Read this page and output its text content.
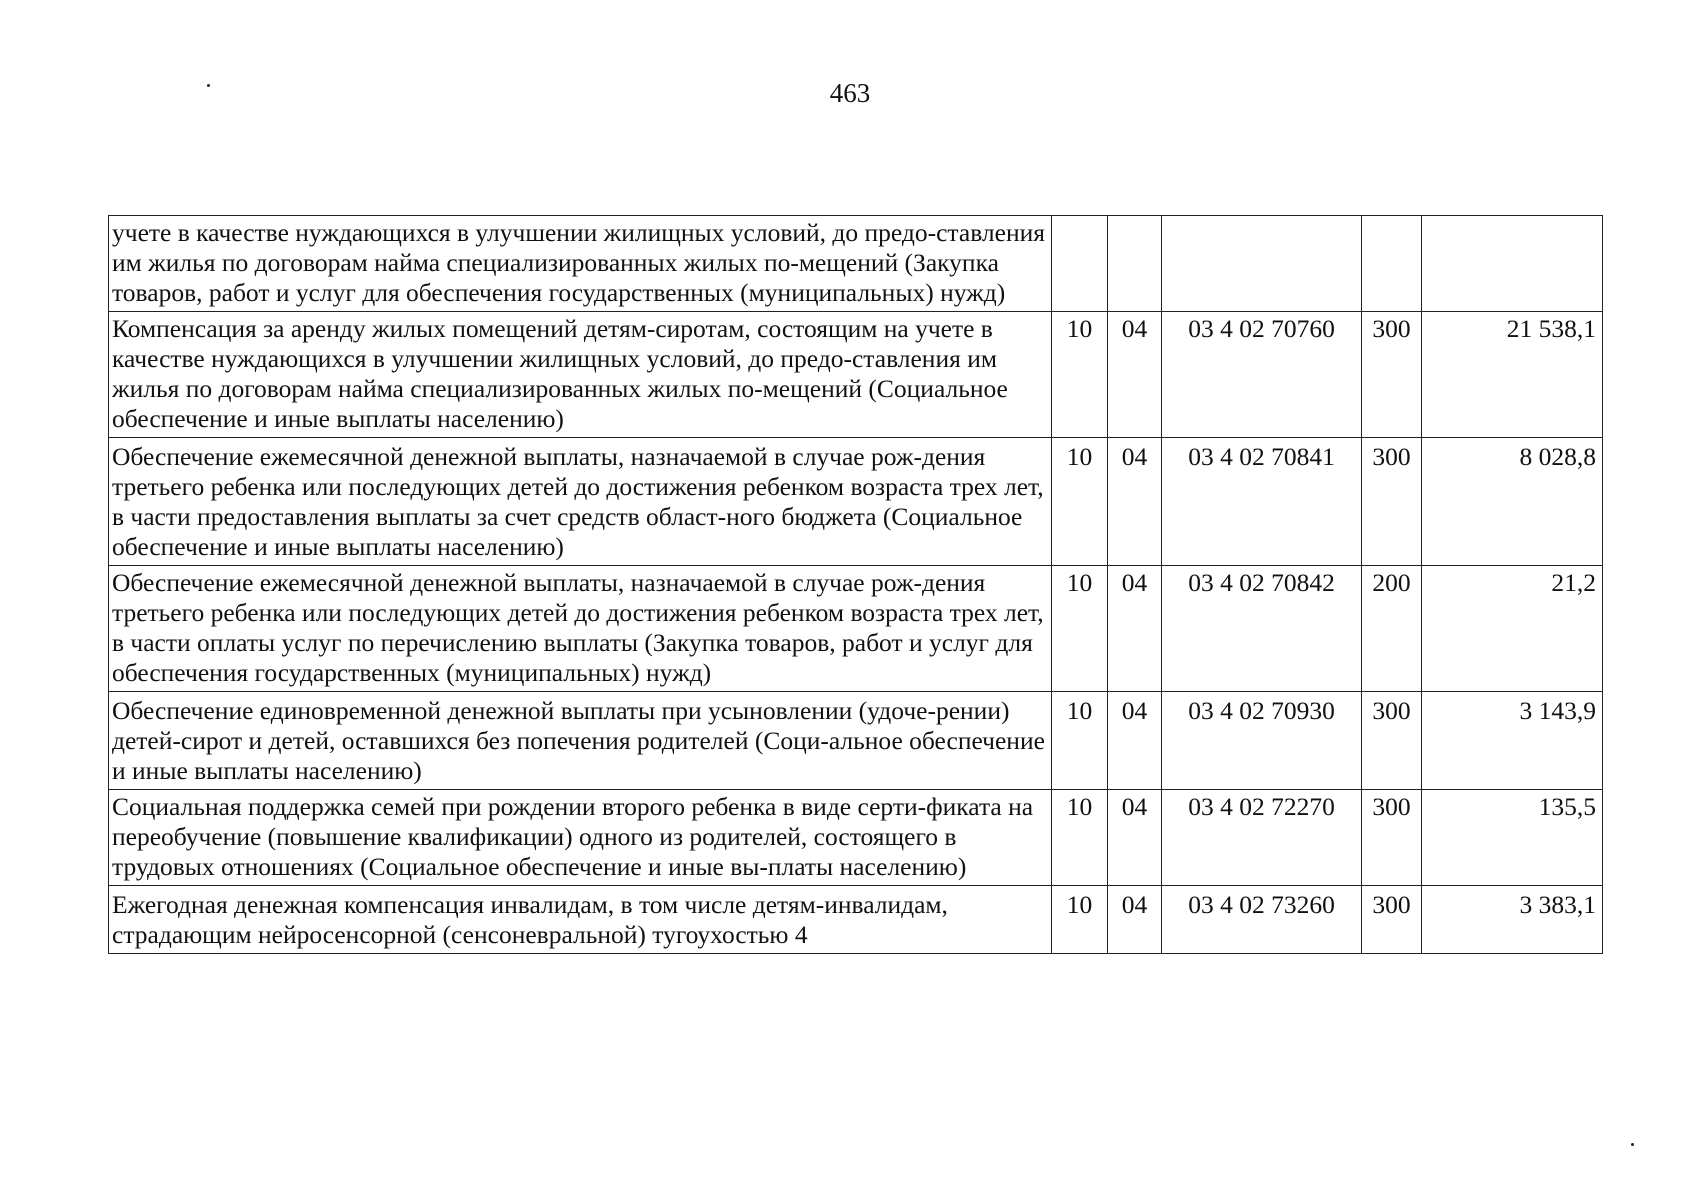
463
учете в качестве нуждающихся в улучшении жилищных условий, до предо-ставления им жилья по договорам найма специализированных жилых по-мещений (Закупка товаров, работ и услуг для обеспечения государственных (муниципальных) нужд)					
Компенсация за аренду жилых помещений детям-сиротам, состоящим на учете в качестве нуждающихся в улучшении жилищных условий, до предо-ставления им жилья по договорам найма специализированных жилых по-мещений (Социальное обеспечение и иные выплаты населению)	10	04	03 4 02 70760	300	21 538,1
Обеспечение ежемесячной денежной выплаты, назначаемой в случае рож-дения третьего ребенка или последующих детей до достижения ребенком возраста трех лет, в части предоставления выплаты за счет средств област-ного бюджета (Социальное обеспечение и иные выплаты населению)	10	04	03 4 02 70841	300	8 028,8
Обеспечение ежемесячной денежной выплаты, назначаемой в случае рож-дения третьего ребенка или последующих детей до достижения ребенком возраста трех лет, в части оплаты услуг по перечислению выплаты (Закупка товаров, работ и услуг для обеспечения государственных (муниципальных) нужд)	10	04	03 4 02 70842	200	21,2
Обеспечение единовременной денежной выплаты при усыновлении (удоче-рении) детей-сирот и детей, оставшихся без попечения родителей (Соци-альное обеспечение и иные выплаты населению)	10	04	03 4 02 70930	300	3 143,9
Социальная поддержка семей при рождении второго ребенка в виде серти-фиката на переобучение (повышение квалификации) одного из родителей, состоящего в трудовых отношениях (Социальное обеспечение и иные вы-платы населению)	10	04	03 4 02 72270	300	135,5
Ежегодная денежная компенсация инвалидам, в том числе детям-инвалидам, страдающим нейросенсорной (сенсоневральной) тугоухостью 4	10	04	03 4 02 73260	300	3 383,1
